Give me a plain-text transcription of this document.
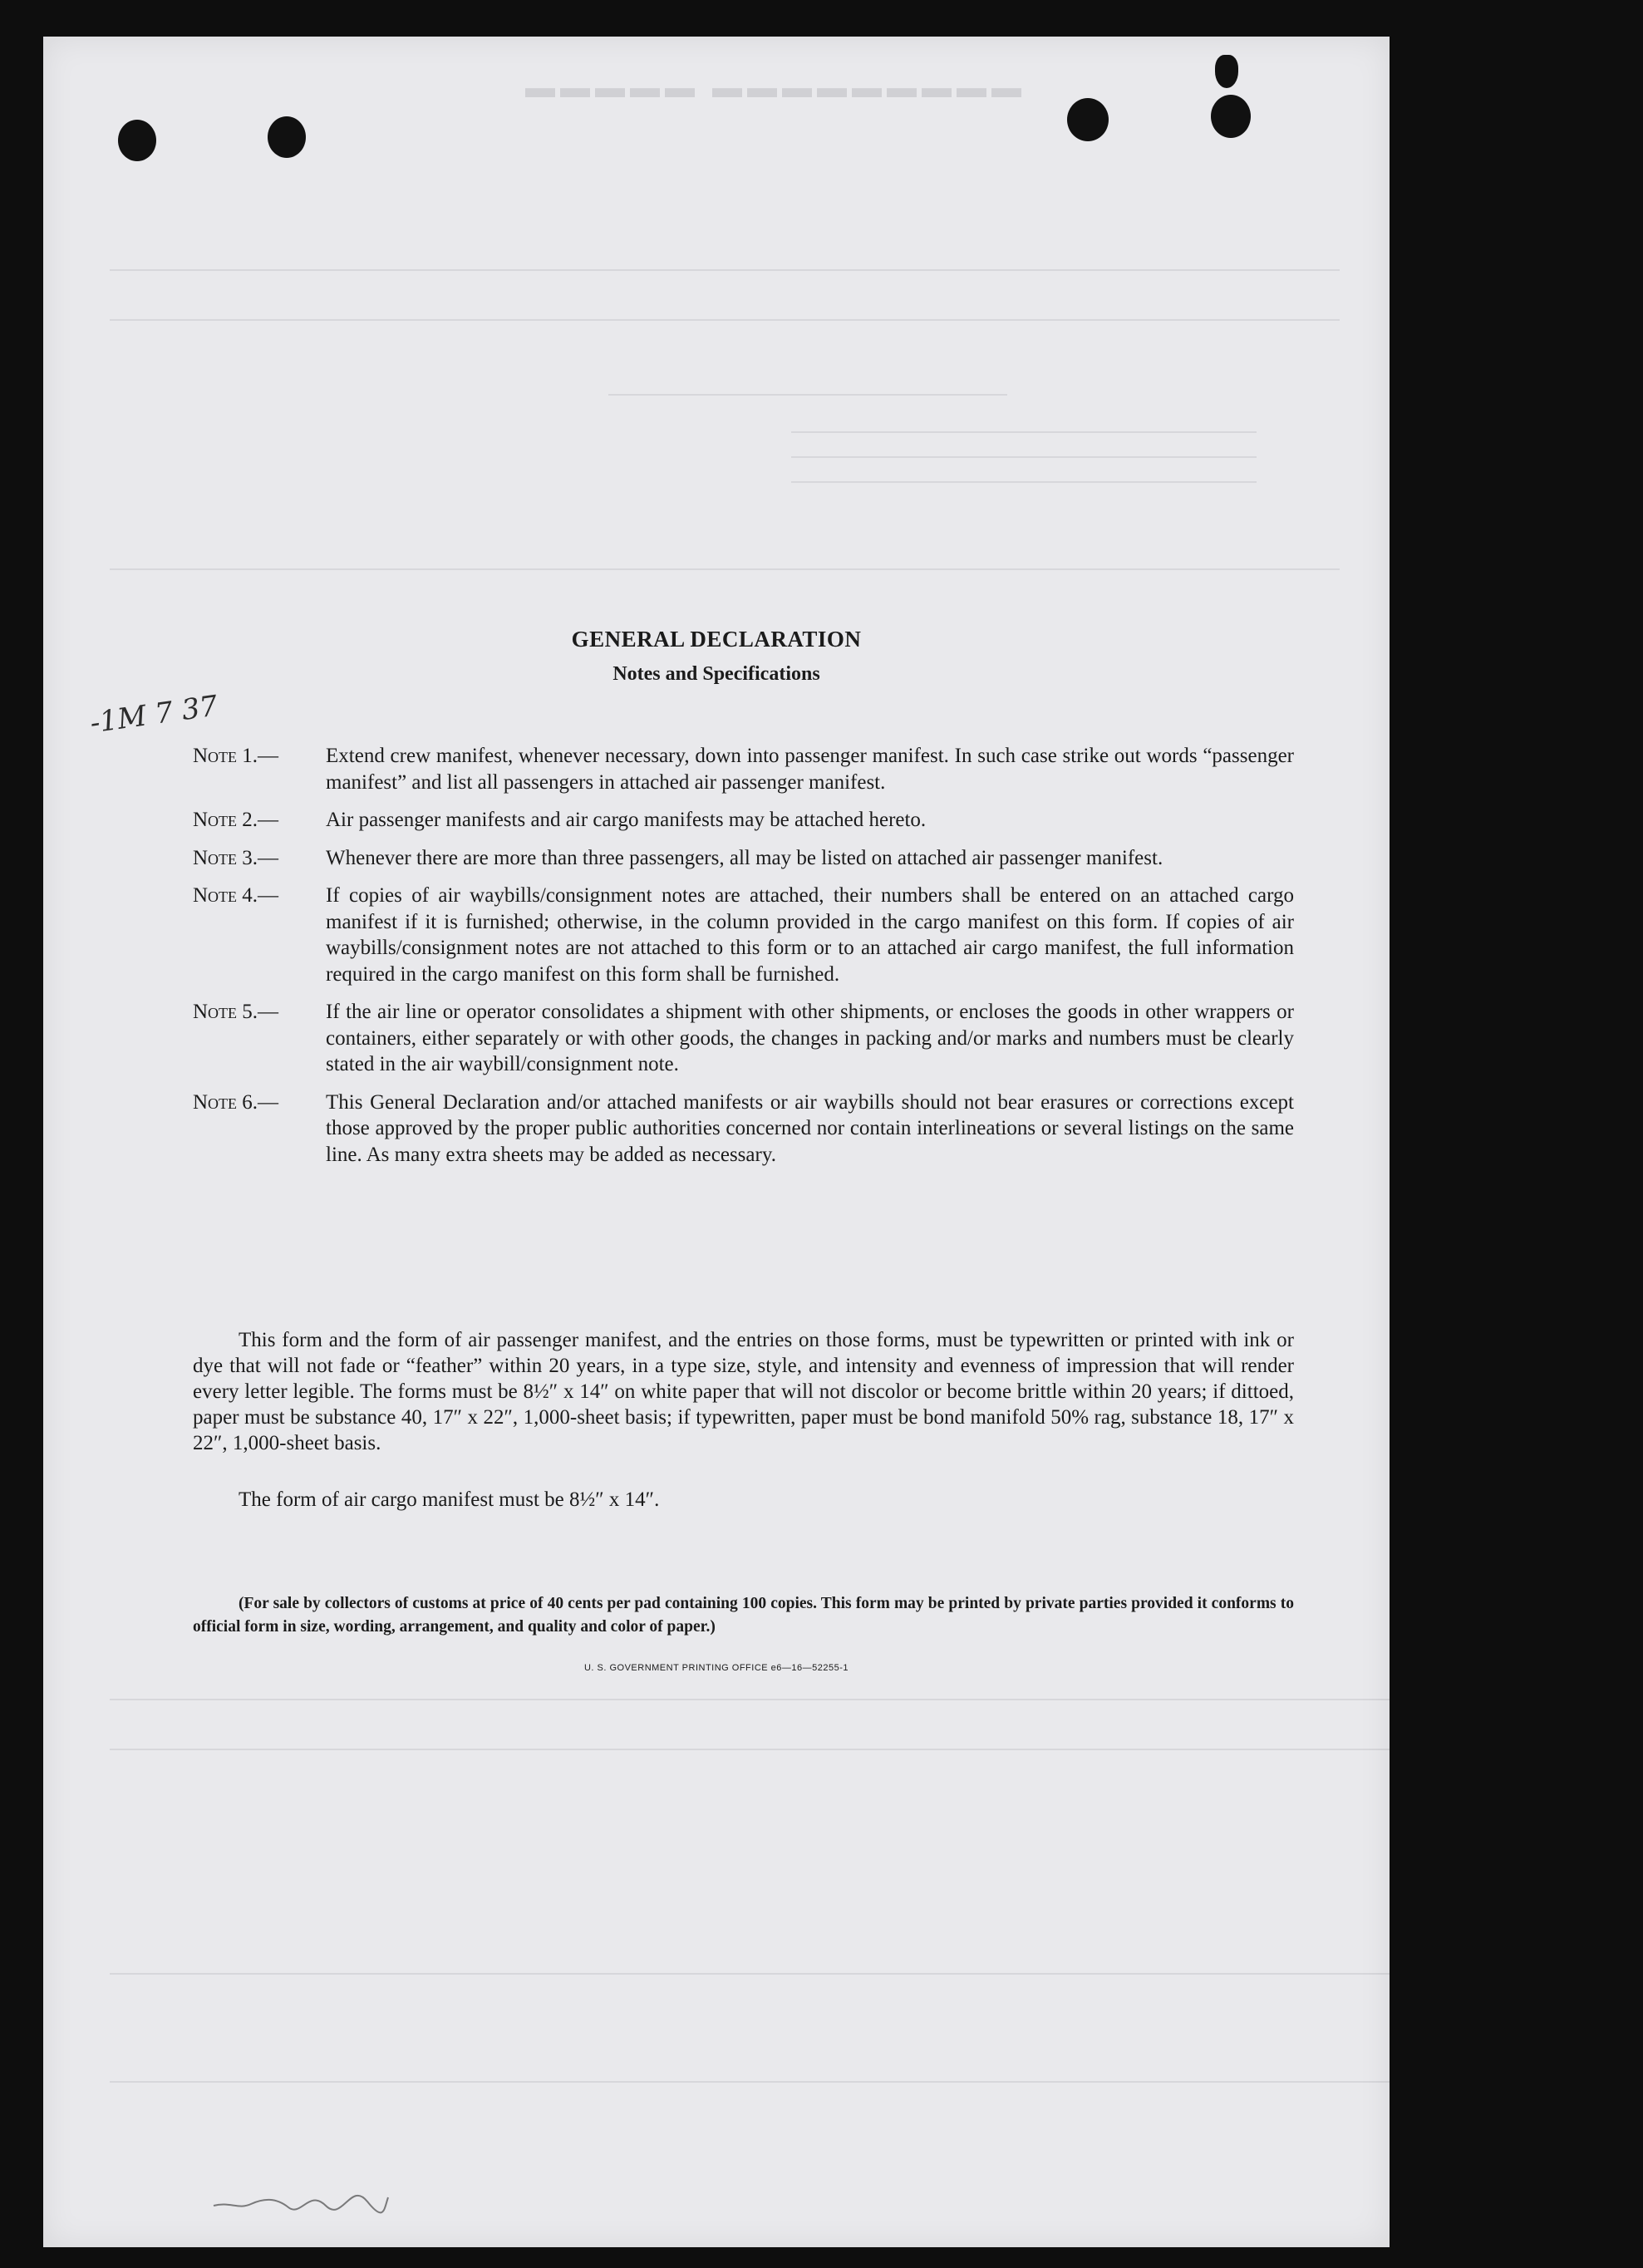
▬▬▬▬▬ ▬▬▬▬▬▬▬▬▬
GENERAL DECLARATION
Notes and Specifications
-1M 7 37
Note 1.— Extend crew manifest, whenever necessary, down into passenger manifest. In such case strike out words “passenger manifest” and list all passengers in attached air passenger manifest.
Note 2.— Air passenger manifests and air cargo manifests may be attached hereto.
Note 3.— Whenever there are more than three passengers, all may be listed on attached air passenger manifest.
Note 4.— If copies of air waybills/consignment notes are attached, their numbers shall be entered on an attached cargo manifest if it is furnished; otherwise, in the column provided in the cargo manifest on this form. If copies of air waybills/consignment notes are not attached to this form or to an attached air cargo manifest, the full information required in the cargo manifest on this form shall be furnished.
Note 5.— If the air line or operator consolidates a shipment with other shipments, or encloses the goods in other wrappers or containers, either separately or with other goods, the changes in packing and/or marks and numbers must be clearly stated in the air waybill/consignment note.
Note 6.— This General Declaration and/or attached manifests or air waybills should not bear erasures or corrections except those approved by the proper public authorities concerned nor contain interlineations or several listings on the same line. As many extra sheets may be added as necessary.
This form and the form of air passenger manifest, and the entries on those forms, must be typewritten or printed with ink or dye that will not fade or “feather” within 20 years, in a type size, style, and intensity and evenness of impression that will render every letter legible. The forms must be 8½″ x 14″ on white paper that will not discolor or become brittle within 20 years; if dittoed, paper must be substance 40, 17″ x 22″, 1,000-sheet basis; if typewritten, paper must be bond manifold 50% rag, substance 18, 17″ x 22″, 1,000-sheet basis.
The form of air cargo manifest must be 8½″ x 14″.
(For sale by collectors of customs at price of 40 cents per pad containing 100 copies. This form may be printed by private parties provided it conforms to official form in size, wording, arrangement, and quality and color of paper.)
U. S. GOVERNMENT PRINTING OFFICE e6—16—52255-1
